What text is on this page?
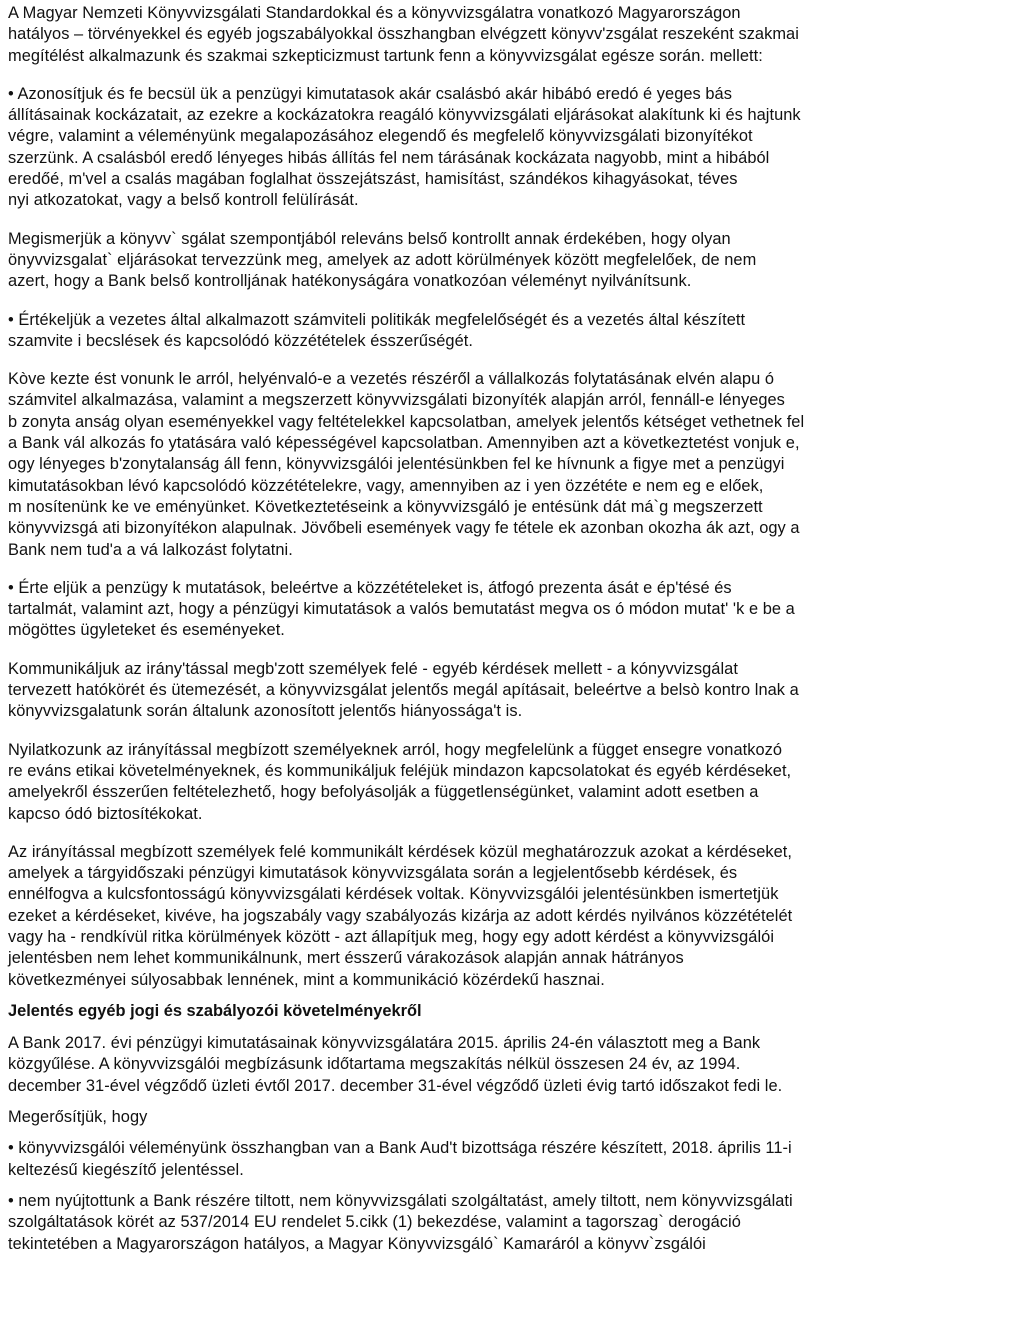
A Magyar Nemzeti Könyvvizsgálati Standardokkal és a könyvvizsgálatra vonatkozó Magyarországon
hatályos – törvényekkel és egyéb jogszabályokkal összhangban elvégzett könyvv'zsgálat reszeként szakmai
megítélést alkalmazunk és szakmai szkepticizmust tartunk fenn a könyvvizsgálat egésze során. mellett:

• Azonosítjuk és fe becsül ük a penzügyi kimutatasok akár csalásbó akár hibábó eredó é yeges bás
állításainak kockázatait, az ezekre a kockázatokra reagáló könyvvizsgálati eljárásokat alakítunk ki és hajtunk
végre, valamint a véleményünk megalapozásához elegendő és megfelelő könyvvizsgálati bizonyítékot
szerzünk. A csalásból eredő lényeges hibás állítás fel nem tárásának kockázata nagyobb, mint a hibából
eredőé, m'vel a csalás magában foglalhat összejátszást, hamisítást, szándékos kihagyásokat, téves
nyi atkozatokat, vagy a belső kontroll felülírását.

Megismerjük a könyvv` sgálat szempontjából releváns belső kontrollt annak érdekében, hogy olyan
önyvvizsgalat` eljárásokat tervezzünk meg, amelyek az adott körülmények között megfelelőek, de nem
azert, hogy a Bank belső kontrolljának hatékonyságára vonatkozóan véleményt nyilvánítsunk.

• Értékeljük a vezetes által alkalmazott számviteli politikák megfelelőségét és a vezetés által készített
szamvite i becslések és kapcsolódó közzétételek ésszerűségét.

Kòve kezte ést vonunk le arról, helyénvaló-e a vezetés részéről a vállalkozás folytatásának elvén alapu ó
számvitel alkalmazása, valamint a megszerzett könyvvizsgálati bizonyíték alapján arról, fennáll-e lényeges
b zonyta anság olyan eseményekkel vagy feltételekkel kapcsolatban, amelyek jelentős kétséget vethetnek fel
a Bank vál alkozás fo ytatására való képességével kapcsolatban. Amennyiben azt a következtetést vonjuk e,
ogy lényeges b'zonytalanság áll fenn, könyvvizsgálói jelentésünkben fel ke hívnunk a figye met a penzügyi
kimutatásokban lévó kapcsolódó közzétételekre, vagy, amennyiben az i yen özzététe e nem eg e előek,
m nosítenünk ke ve eményünket. Következtetéseink a könyvvizsgáló je entésünk dát má`g megszerzett
könyvvizsgá ati bizonyítékon alapulnak. Jövőbeli események vagy fe tétele ek azonban okozha ák azt, ogy a
Bank nem tud'a a vá lalkozást folytatni.

• Érte eljük a penzügy k mutatások, beleértve a közzétételeket is, átfogó prezenta ását e ép'tésé és
tartalmát, valamint azt, hogy a pénzügyi kimutatások a valós bemutatást megva os ó módon mutat' 'k e be a
mögöttes ügyleteket és eseményeket.

Kommunikáljuk az irány'tással megb'zott személyek felé - egyéb kérdések mellett - a kónyvvizsgálat
tervezett hatókörét és ütemezését, a könyvvizsgálat jelentős megál apításait, beleértve a belsò kontro lnak a
könyvvizsgalatunk során általunk azonosított jelentős hiányossága't is.

Nyilatkozunk az irányítással megbízott személyeknek arról, hogy megfelelünk a függet ensegre vonatkozó
re eváns etikai követelményeknek, és kommunikáljuk feléjük mindazon kapcsolatokat és egyéb kérdéseket,
amelyekről ésszerűen feltételezhető, hogy befolyásolják a függetlenségünket, valamint adott esetben a
kapcso ódó biztosítékokat.

Az irányítással megbízott személyek felé kommunikált kérdések közül meghatározzuk azokat a kérdéseket,
amelyek a tárgyidőszaki pénzügyi kimutatások könyvvizsgálata során a legjelentősebb kérdések, és
ennélfogva a kulcsfontosságú könyvvizsgálati kérdések voltak. Könyvvizsgálói jelentésünkben ismertetjük
ezeket a kérdéseket, kivéve, ha jogszabály vagy szabályozás kizárja az adott kérdés nyilvános közzétételét
vagy ha - rendkívül ritka körülmények között - azt állapítjuk meg, hogy egy adott kérdést a könyvvizsgálói
jelentésben nem lehet kommunikálnunk, mert ésszerű várakozások alapján annak hátrányos
következményei súlyosabbak lennének, mint a kommunikáció közérdekű hasznai.

Jelentés egyéb jogi és szabályozói követelményekről

A Bank 2017. évi pénzügyi kimutatásainak könyvvizsgálatára 2015. április 24-én választott meg a Bank
közgyűlése. A könyvvizsgálói megbízásunk időtartama megszakítás nélkül összesen 24 év, az 1994.
december 31-ével végződő üzleti évtől 2017. december 31-ével végződő üzleti évig tartó időszakot fedi le.

Megerősítjük, hogy

• könyvvizsgálói véleményünk összhangban van a Bank Aud't bizottsága részére készített, 2018. április 11-i
keltezésű kiegészítő jelentéssel.

• nem nyújtottunk a Bank részére tiltott, nem könyvvizsgálati szolgáltatást, amely tiltott, nem könyvvizsgálati
szolgáltatások körét az 537/2014 EU rendelet 5.cikk (1) bekezdése, valamint a tagorszag` derogáció
tekintetében a Magyarországon hatályos, a Magyar Könyvvizsgáló` Kamaráról a könyvv`zsgálói
